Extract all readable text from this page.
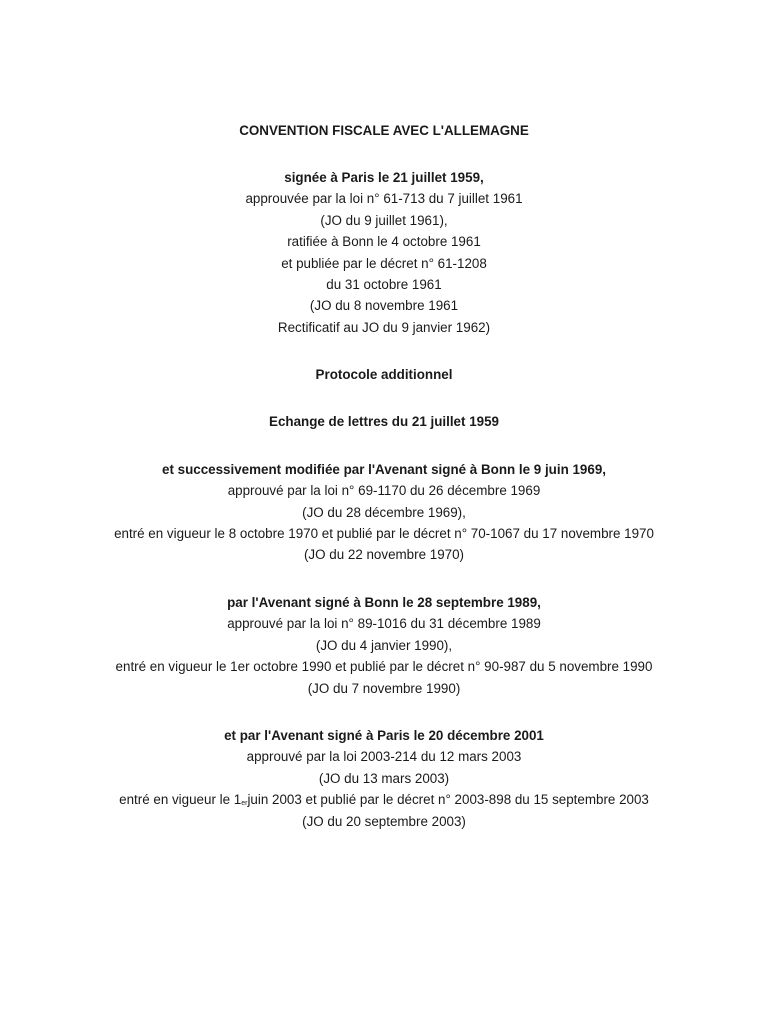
CONVENTION FISCALE AVEC L'ALLEMAGNE
signée à Paris le 21 juillet 1959,
approuvée par la loi n° 61-713 du 7 juillet 1961
(JO du 9 juillet 1961),
ratifiée à Bonn le 4 octobre 1961
et publiée par le décret n° 61-1208
du 31 octobre 1961
(JO du 8 novembre 1961
Rectificatif au JO du 9 janvier 1962)
Protocole additionnel
Echange de lettres du 21 juillet 1959
et successivement modifiée par l'Avenant signé à Bonn le 9 juin 1969,
approuvé par la loi n° 69-1170 du 26 décembre 1969
(JO du 28 décembre 1969),
entré en vigueur le 8 octobre 1970 et publié par le décret n° 70-1067 du 17 novembre 1970
(JO du 22 novembre 1970)
par l'Avenant signé à Bonn le 28 septembre 1989,
approuvé par la loi n° 89-1016 du 31 décembre 1989
(JO du 4 janvier 1990),
entré en vigueur le 1er octobre 1990 et publié par le décret n° 90-987 du 5 novembre 1990
(JO du 7 novembre 1990)
et par l'Avenant signé à Paris le 20 décembre 2001
approuvé par la loi 2003-214 du 12 mars 2003
(JO du 13 mars 2003)
entré en vigueur le 1erjuin 2003 et publié par le décret n° 2003-898 du 15 septembre 2003
(JO du 20 septembre 2003)
